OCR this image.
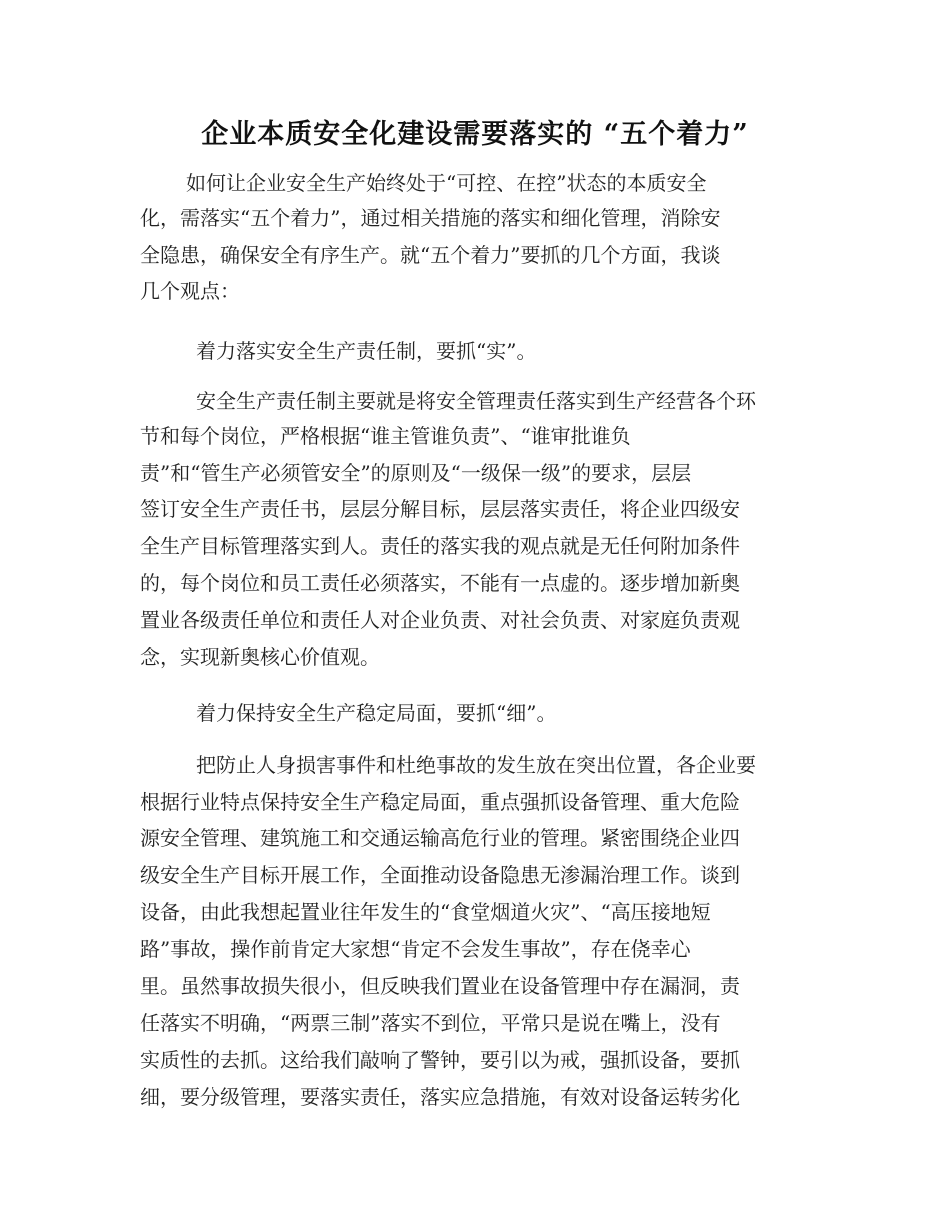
企业本质安全化建设需要落实的 “五个着力”
如何让企业安全生产始终处于“可控、在控”状态的本质安全
化，需落实“五个着力”，通过相关措施的落实和细化管理，消除安
全隐患，确保安全有序生产。就“五个着力”要抓的几个方面，我谈
几个观点：
着力落实安全生产责任制，要抓“实”。
安全生产责任制主要就是将安全管理责任落实到生产经营各个环
节和每个岗位，严格根据“谁主管谁负责”、“谁审批谁负
责”和“管生产必须管安全”的原则及“一级保一级”的要求，层层
签订安全生产责任书，层层分解目标，层层落实责任，将企业四级安
全生产目标管理落实到人。责任的落实我的观点就是无任何附加条件
的，每个岗位和员工责任必须落实，不能有一点虚的。逐步增加新奥
置业各级责任单位和责任人对企业负责、对社会负责、对家庭负责观
念，实现新奥核心价值观。
着力保持安全生产稳定局面，要抓“细”。
把防止人身损害事件和杜绝事故的发生放在突出位置，各企业要
根据行业特点保持安全生产稳定局面，重点强抓设备管理、重大危险
源安全管理、建筑施工和交通运输高危行业的管理。紧密围绕企业四
级安全生产目标开展工作，全面推动设备隐患无渗漏治理工作。谈到
设备，由此我想起置业往年发生的“食堂烟道火灾”、“高压接地短
路”事故，操作前肯定大家想“肯定不会发生事故”，存在侥幸心
里。虽然事故损失很小，但反映我们置业在设备管理中存在漏洞，责
任落实不明确，“两票三制”落实不到位，平常只是说在嘴上，没有
实质性的去抓。这给我们敲响了警钟，要引以为戒，强抓设备，要抓
细，要分级管理，要落实责任，落实应急措施，有效对设备运转劣化
